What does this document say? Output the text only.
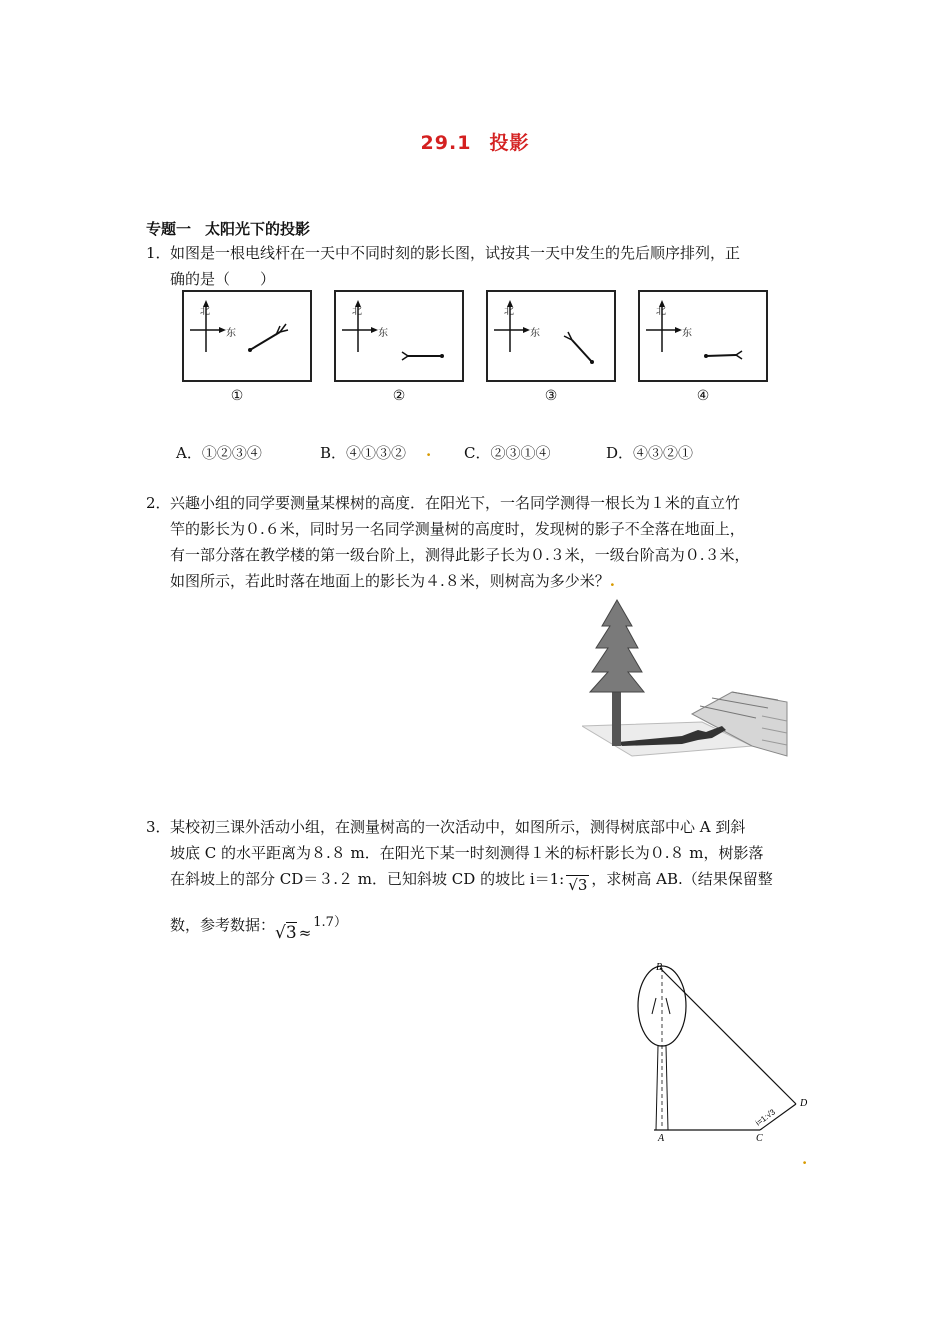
29.1 投影
专题一 太阳光下的投影
1． 如图是一根电线杆在一天中不同时刻的影长图，试按其一天中发生的先后顺序排列，正
确的是（　　）
北
东
①
北
东
②
北
东
③
北
东
④
A．①②③④	B．④①③② . C．②③①④	D．④③②①
2． 兴趣小组的同学要测量某棵树的高度．在阳光下，一名同学测得一根长为１米的直立竹
竿的影长为０.６米，同时另一名同学测量树的高度时，发现树的影子不全落在地面上，
有一部分落在教学楼的第一级台阶上，测得此影子长为０.３米，一级台阶高为０.３米，
如图所示，若此时落在地面上的影长为４.８米，则树高为多少米？.
3． 某校初三课外活动小组，在测量树高的一次活动中，如图所示，测得树底部中心 A 到斜
坡底 C 的水平距离为８.８ m．在阳光下某一时刻测得１米的标杆影长为０.８ m，树影落
在斜坡上的部分 CD＝３.２ m．已知斜坡 CD 的坡比 i＝1: √3 ，求树高 AB.（结果保留整
数，参考数据：√3 ≈1.7）
B
A	C
D
i=1:√3
.
